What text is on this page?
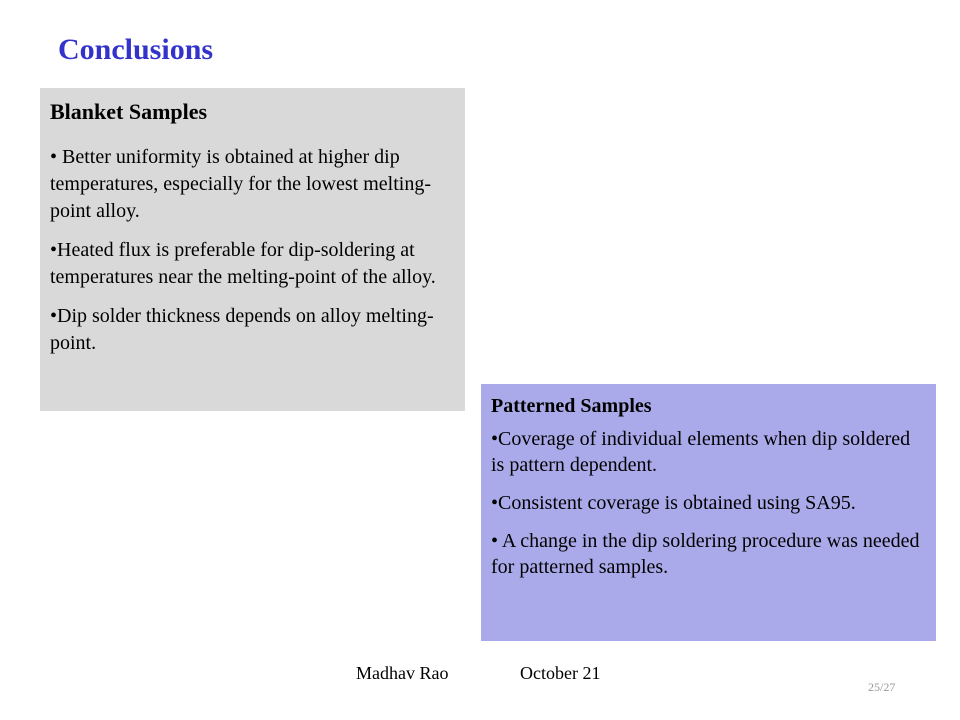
Conclusions

Blanket Samples

• Better uniformity is obtained at higher dip temperatures, especially for the lowest melting-point alloy.

•Heated flux is preferable for dip-soldering at temperatures near the melting-point of the alloy.

•Dip solder thickness depends on alloy melting-point.

Patterned Samples

•Coverage of individual elements when dip soldered is pattern dependent.

•Consistent coverage is obtained using SA95.

• A change in the dip soldering procedure was needed for patterned samples.

Madhav Rao	October 21
25/27
